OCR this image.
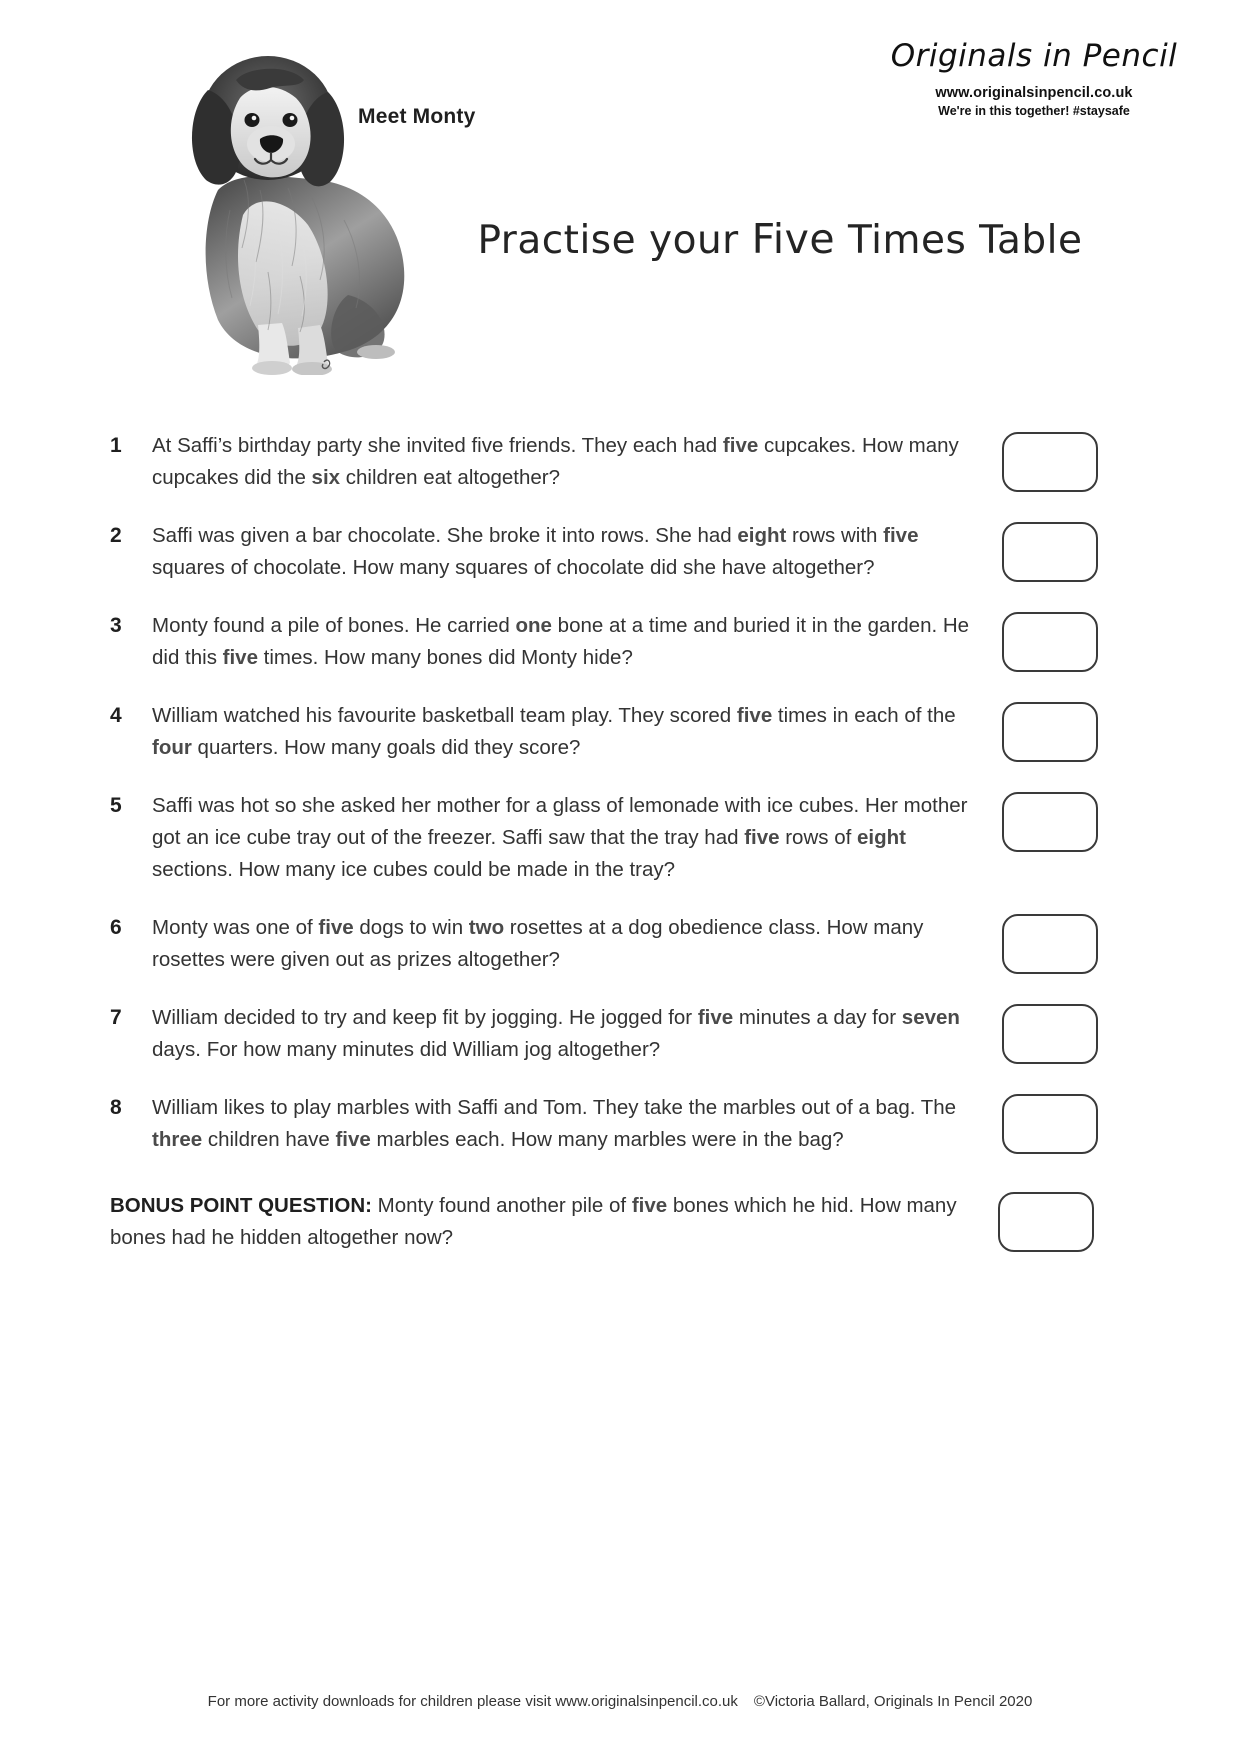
Meet Monty
Originals in Pencil
www.originalsinpencil.co.uk
We're in this together! #staysafe
Practise your Five Times Table
1	At Saffi’s birthday party she invited five friends. They each had five cupcakes. How many cupcakes did the six children eat altogether?
2	Saffi was given a bar chocolate. She broke it into rows. She had eight rows with five squares of chocolate. How many squares of chocolate did she have altogether?
3	Monty found a pile of bones. He carried one bone at a time and buried it in the garden. He did this five times. How many bones did Monty hide?
4	William watched his favourite basketball team play. They scored five times in each of the four quarters. How many goals did they score?
5	Saffi was hot so she asked her mother for a glass of lemonade with ice cubes. Her mother got an ice cube tray out of the freezer. Saffi saw that the tray had five rows of eight sections. How many ice cubes could be made in the tray?
6	Monty was one of five dogs to win two rosettes at a dog obedience class. How many rosettes were given out as prizes altogether?
7	William decided to try and keep fit by jogging. He jogged for five minutes a day for seven days. For how many minutes did William jog altogether?
8	William likes to play marbles with Saffi and Tom. They take the marbles out of a bag. The three children have five marbles each. How many marbles were in the bag?
BONUS POINT QUESTION: Monty found another pile of five bones which he hid. How many bones had he hidden altogether now?
For more activity downloads for children please visit www.originalsinpencil.co.uk ©Victoria Ballard, Originals In Pencil 2020
